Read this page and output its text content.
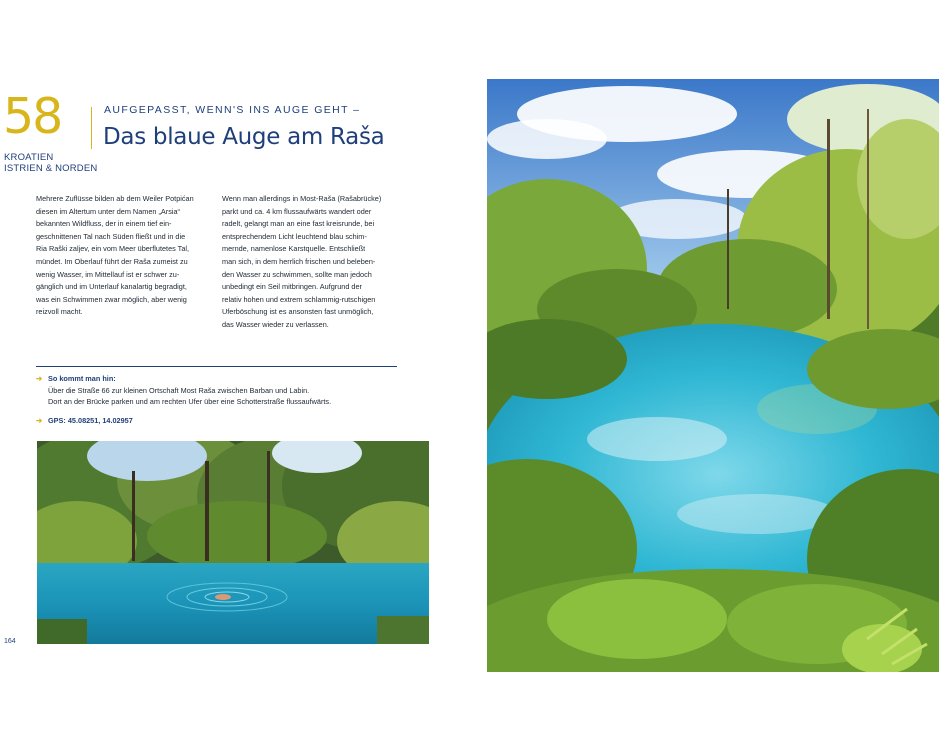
58
KROATIEN
ISTRIEN & NORDEN
AUFGEPASST, WENN'S INS AUGE GEHT –
Das blaue Auge am Raša
Mehrere Zuflüsse bilden ab dem Weiler Potpićan
diesen im Altertum unter dem Namen „Arsia“
bekannten Wildfluss, der in einem tief ein-
geschnittenen Tal nach Süden fließt und in die
Ria Raški zaljev, ein vom Meer überflutetes Tal,
mündet. Im Oberlauf führt der Raša zumeist zu
wenig Wasser, im Mittellauf ist er schwer zu-
gänglich und im Unterlauf kanalartig begradigt,
was ein Schwimmen zwar möglich, aber wenig
reizvoll macht.
Wenn man allerdings in Most-Raša (Rašabrücke)
parkt und ca. 4 km flussaufwärts wandert oder
radelt, gelangt man an eine fast kreisrunde, bei
entsprechendem Licht leuchtend blau schim-
mernde, namenlose Karstquelle. Entschließt
man sich, in dem herrlich frischen und beleben-
den Wasser zu schwimmen, sollte man jedoch
unbedingt ein Seil mitbringen. Aufgrund der
relativ hohen und extrem schlammig-rutschigen
Uferböschung ist es ansonsten fast unmöglich,
das Wasser wieder zu verlassen.
➔ So kommt man hin:
Über die Straße 66 zur kleinen Ortschaft Most Raša zwischen Barban und Labin.
Dort an der Brücke parken und am rechten Ufer über eine Schotterstraße flussaufwärts.
➔ GPS: 45.08251, 14.02957
164
